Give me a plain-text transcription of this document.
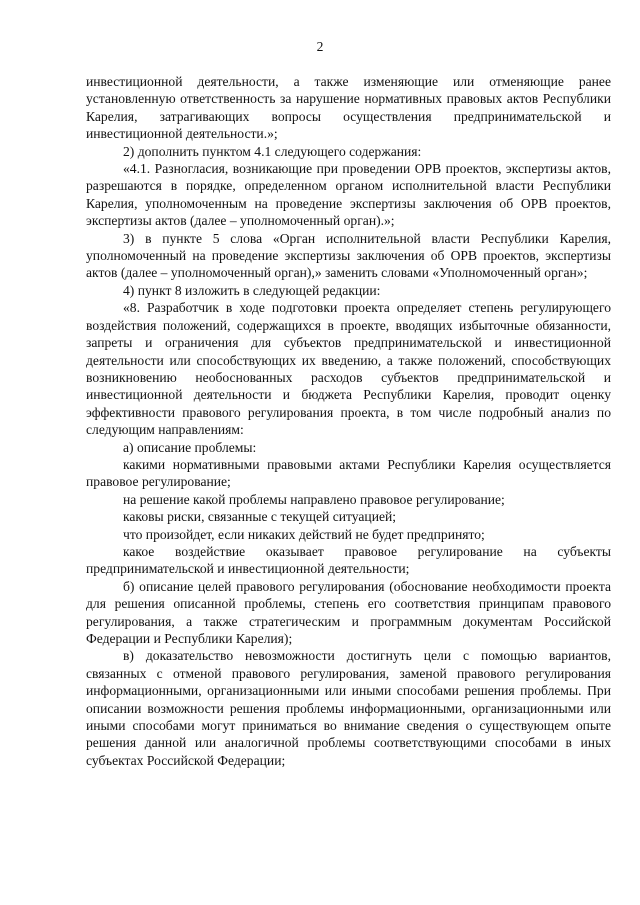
2

инвестиционной деятельности, а также изменяющие или отменяющие ранее установленную ответственность за нарушение нормативных правовых актов Республики Карелия, затрагивающих вопросы осуществления предпринимательской и инвестиционной деятельности.»;

2) дополнить пунктом 4.1 следующего содержания:

«4.1. Разногласия, возникающие при проведении ОРВ проектов, экспертизы актов, разрешаются в порядке, определенном органом исполнительной власти Республики Карелия, уполномоченным на проведение экспертизы заключения об ОРВ проектов, экспертизы актов (далее – уполномоченный орган).»;

3) в пункте 5 слова «Орган исполнительной власти Республики Карелия, уполномоченный на проведение экспертизы заключения об ОРВ проектов, экспертизы актов (далее – уполномоченный орган),» заменить словами «Уполномоченный орган»;

4) пункт 8 изложить в следующей редакции:

«8. Разработчик в ходе подготовки проекта определяет степень регулирующего воздействия положений, содержащихся в проекте, вводящих избыточные обязанности, запреты и ограничения для субъектов предпринимательской и инвестиционной деятельности или способствующих их введению, а также положений, способствующих возникновению необоснованных расходов субъектов предпринимательской и инвестиционной деятельности и бюджета Республики Карелия, проводит оценку эффективности правового регулирования проекта, в том числе подробный анализ по следующим направлениям:

а) описание проблемы:

какими нормативными правовыми актами Республики Карелия осуществляется правовое регулирование;

на решение какой проблемы направлено правовое регулирование;

каковы риски, связанные с текущей ситуацией;

что произойдет, если никаких действий не будет предпринято;

какое воздействие оказывает правовое регулирование на субъекты предпринимательской и инвестиционной деятельности;

б) описание целей правового регулирования (обоснование необходимости проекта для решения описанной проблемы, степень его соответствия принципам правового регулирования, а также стратегическим и программным документам Российской Федерации и Республики Карелия);

в) доказательство невозможности достигнуть цели с помощью вариантов, связанных с отменой правового регулирования, заменой правового регулирования информационными, организационными или иными способами решения проблемы. При описании возможности решения проблемы информационными, организационными или иными способами могут приниматься во внимание сведения о существующем опыте решения данной или аналогичной проблемы соответствующими способами в иных субъектах Российской Федерации;
